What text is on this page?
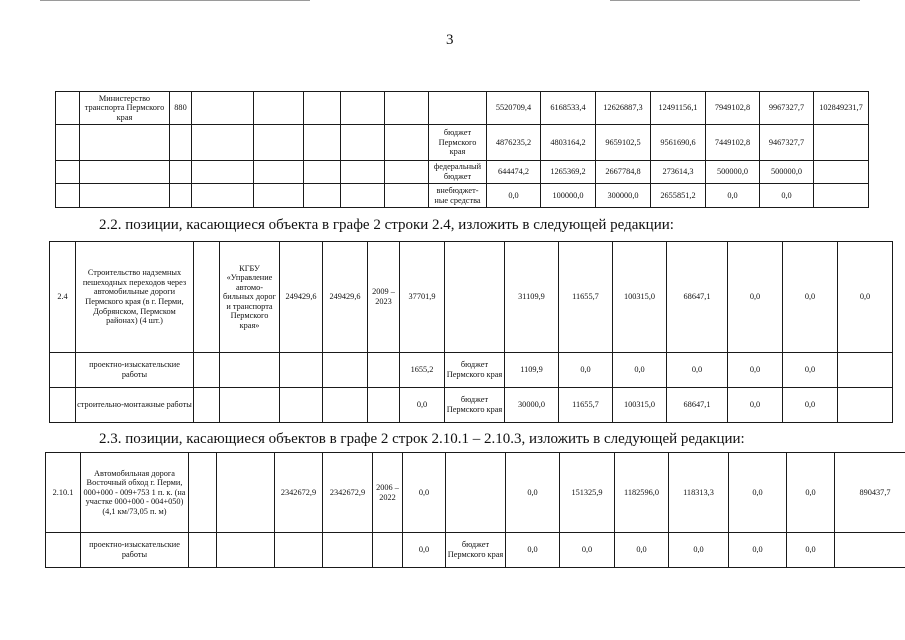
3
	Министерство транспорта Пермского края	880							5520709,4	6168533,4	12626887,3	12491156,1	7949102,8	9967327,7	102849231,7
								бюджет Пермского края	4876235,2	4803164,2	9659102,5	9561690,6	7449102,8	9467327,7	
								федеральный бюджет	644474,2	1265369,2	2667784,8	273614,3	500000,0	500000,0	
								внебюджет-ные средства	0,0	100000,0	300000,0	2655851,2	0,0	0,0	
2.2. позиции, касающиеся объекта в графе 2 строки 2.4, изложить в следующей редакции:
2.4	Строительство надземных пешеходных переходов через автомобильные дороги Пермского края (в г. Перми, Добрянском, Пермском районах) (4 шт.)		КГБУ «Управление автомо-бильных дорог и транспорта Пермского края»	249429,6	249429,6	2009 – 2023	37701,9		31109,9	11655,7	100315,0	68647,1	0,0	0,0	0,0
	проектно-изыскательские работы						1655,2	бюджет Пермского края	1109,9	0,0	0,0	0,0	0,0	0,0	
	строительно-монтажные работы						0,0	бюджет Пермского края	30000,0	11655,7	100315,0	68647,1	0,0	0,0	
2.3. позиции, касающиеся объектов в графе 2 строк 2.10.1 – 2.10.3, изложить в следующей редакции:
2.10.1	Автомобильная дорога Восточный обход г. Перми, 000+000 - 009+753 1 п. к. (на участке 000+000 - 004+050) (4,1 км/73,05 п. м)			2342672,9	2342672,9	2006 – 2022	0,0		0,0	151325,9	1182596,0	118313,3	0,0	0,0	890437,7
	проектно-изыскательские работы						0,0	бюджет Пермского края	0,0	0,0	0,0	0,0	0,0	0,0	
